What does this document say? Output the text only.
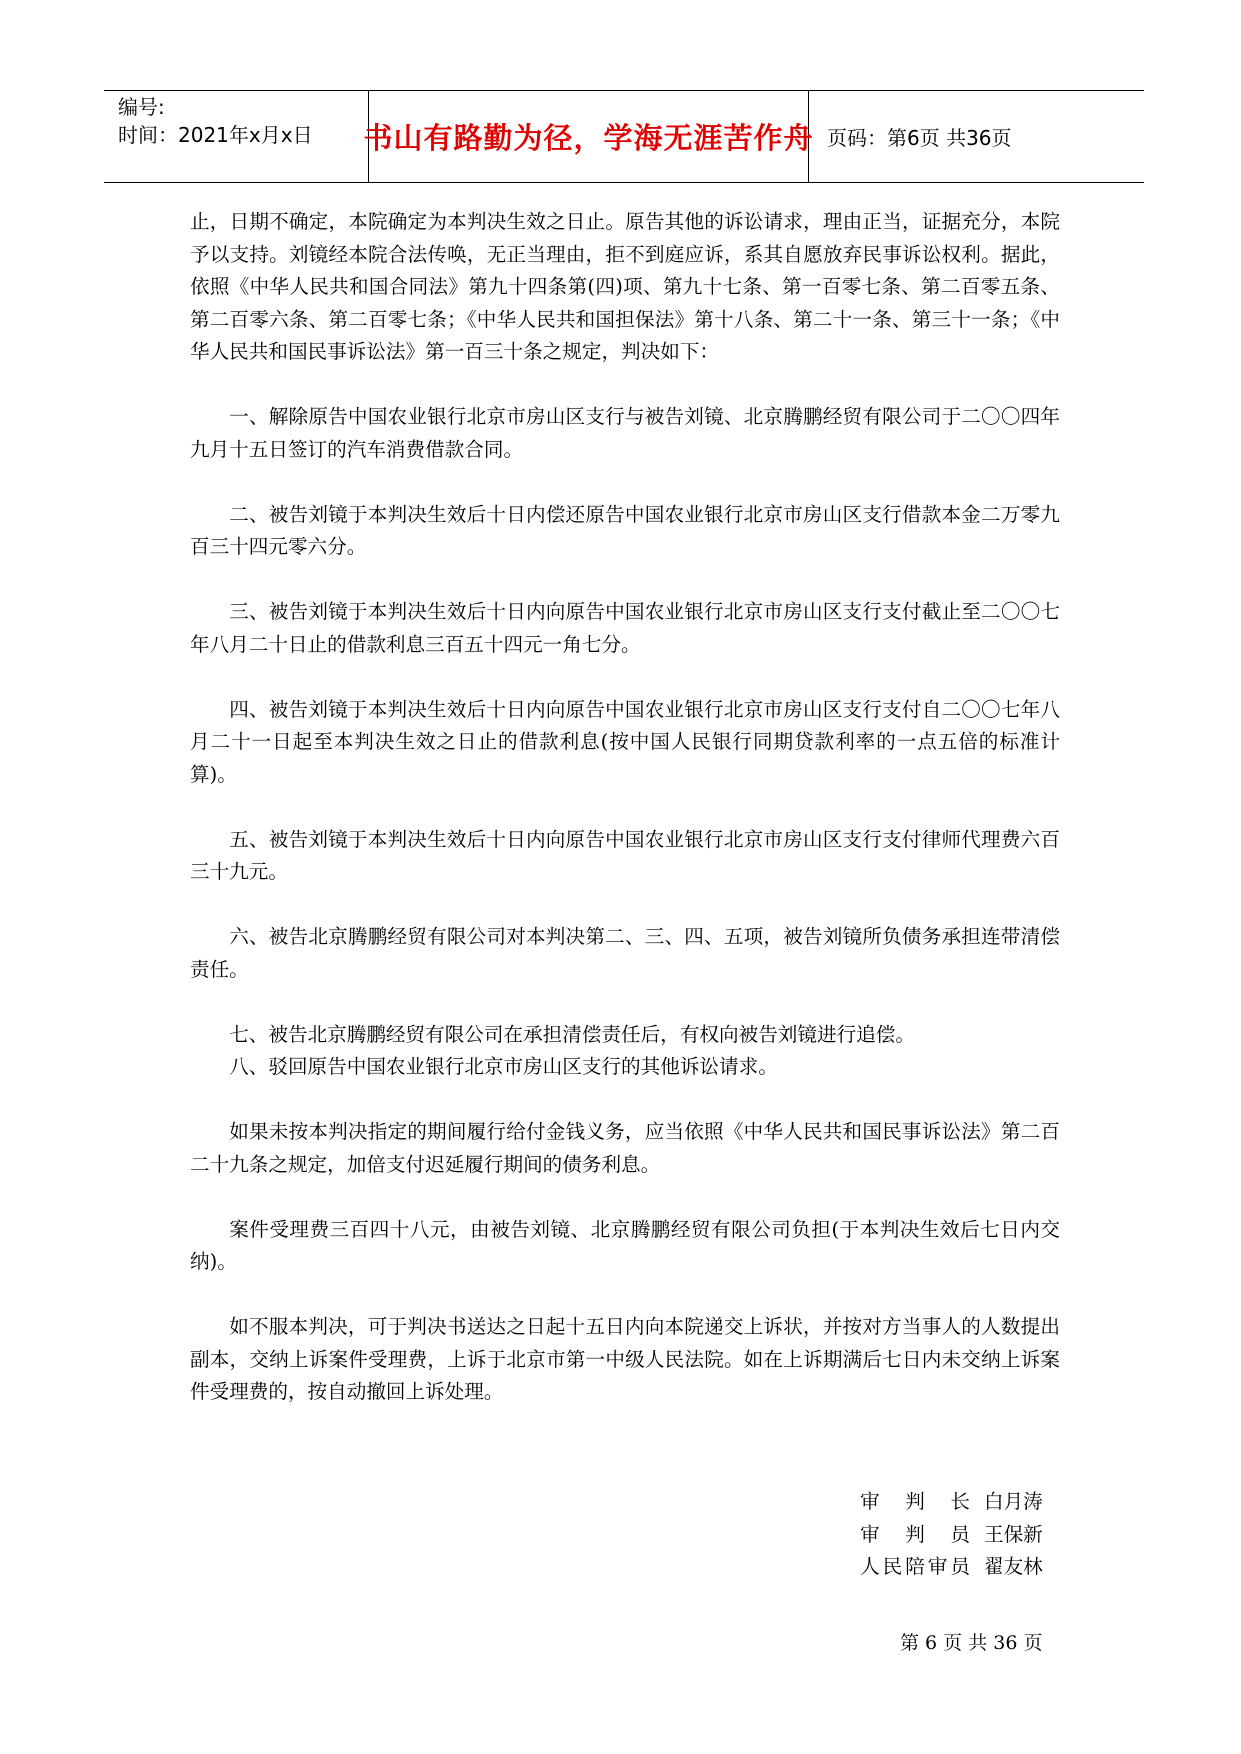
编号:
时间：2021年x月x日	书山有路勤为径，学海无涯苦作舟 页码：第6页 共36页

止，日期不确定，本院确定为本判决生效之日止。原告其他的诉讼请求，理由正当，证据充分，本院予以支持。刘镜经本院合法传唤，无正当理由，拒不到庭应诉，系其自愿放弃民事诉讼权利。据此，依照《中华人民共和国合同法》第九十四条第(四)项、第九十七条、第一百零七条、第二百零五条、第二百零六条、第二百零七条；《中华人民共和国担保法》第十八条、第二十一条、第三十一条；《中华人民共和国民事诉讼法》第一百三十条之规定，判决如下：

一、解除原告中国农业银行北京市房山区支行与被告刘镜、北京腾鹏经贸有限公司于二〇〇四年九月十五日签订的汽车消费借款合同。

二、被告刘镜于本判决生效后十日内偿还原告中国农业银行北京市房山区支行借款本金二万零九百三十四元零六分。

三、被告刘镜于本判决生效后十日内向原告中国农业银行北京市房山区支行支付截止至二〇〇七年八月二十日止的借款利息三百五十四元一角七分。

四、被告刘镜于本判决生效后十日内向原告中国农业银行北京市房山区支行支付自二〇〇七年八月二十一日起至本判决生效之日止的借款利息(按中国人民银行同期贷款利率的一点五倍的标准计算)。

五、被告刘镜于本判决生效后十日内向原告中国农业银行北京市房山区支行支付律师代理费六百三十九元。

六、被告北京腾鹏经贸有限公司对本判决第二、三、四、五项，被告刘镜所负债务承担连带清偿责任。

七、被告北京腾鹏经贸有限公司在承担清偿责任后，有权向被告刘镜进行追偿。

八、驳回原告中国农业银行北京市房山区支行的其他诉讼请求。

如果未按本判决指定的期间履行给付金钱义务，应当依照《中华人民共和国民事诉讼法》第二百二十九条之规定，加倍支付迟延履行期间的债务利息。

案件受理费三百四十八元，由被告刘镜、北京腾鹏经贸有限公司负担(于本判决生效后七日内交纳)。

如不服本判决，可于判决书送达之日起十五日内向本院递交上诉状，并按对方当事人的人数提出副本，交纳上诉案件受理费，上诉于北京市第一中级人民法院。如在上诉期满后七日内未交纳上诉案件受理费的，按自动撤回上诉处理。

审判长 白月涛
审判员 王保新
人民陪审员 翟友林
第 6 页 共 36 页
